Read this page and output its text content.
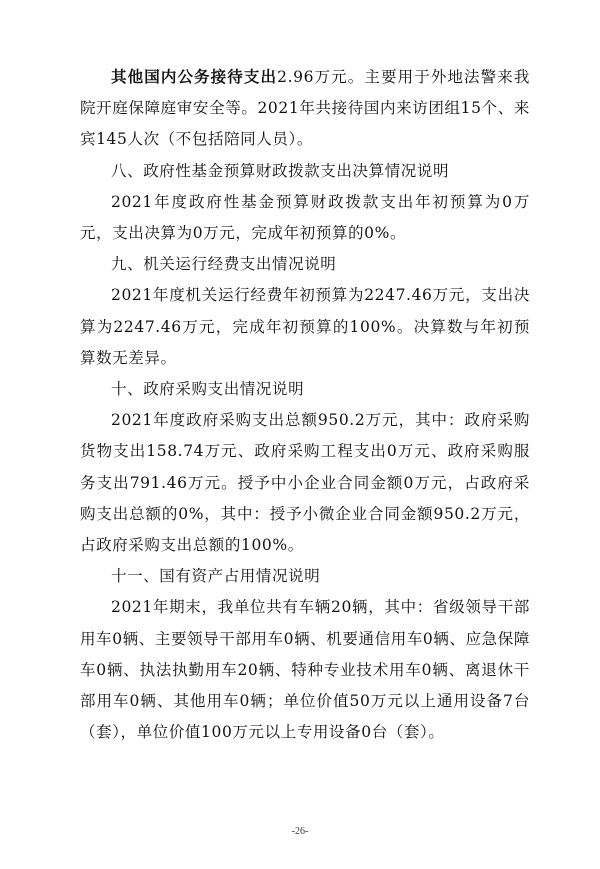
其他国内公务接待支出2.96万元。主要用于外地法警来我院开庭保障庭审安全等。2021年共接待国内来访团组15个、来宾145人次（不包括陪同人员）。

八、政府性基金预算财政拨款支出决算情况说明

2021年度政府性基金预算财政拨款支出年初预算为0万元，支出决算为0万元，完成年初预算的0%。

九、机关运行经费支出情况说明

2021年度机关运行经费年初预算为2247.46万元，支出决算为2247.46万元，完成年初预算的100%。决算数与年初预算数无差异。

十、政府采购支出情况说明

2021年度政府采购支出总额950.2万元，其中：政府采购货物支出158.74万元、政府采购工程支出0万元、政府采购服务支出791.46万元。授予中小企业合同金额0万元，占政府采购支出总额的0%，其中：授予小微企业合同金额950.2万元，占政府采购支出总额的100%。

十一、国有资产占用情况说明

2021年期末，我单位共有车辆20辆，其中：省级领导干部用车0辆、主要领导干部用车0辆、机要通信用车0辆、应急保障车0辆、执法执勤用车20辆、特种专业技术用车0辆、离退休干部用车0辆、其他用车0辆；单位价值50万元以上通用设备7台（套），单位价值100万元以上专用设备0台（套）。

-26-
